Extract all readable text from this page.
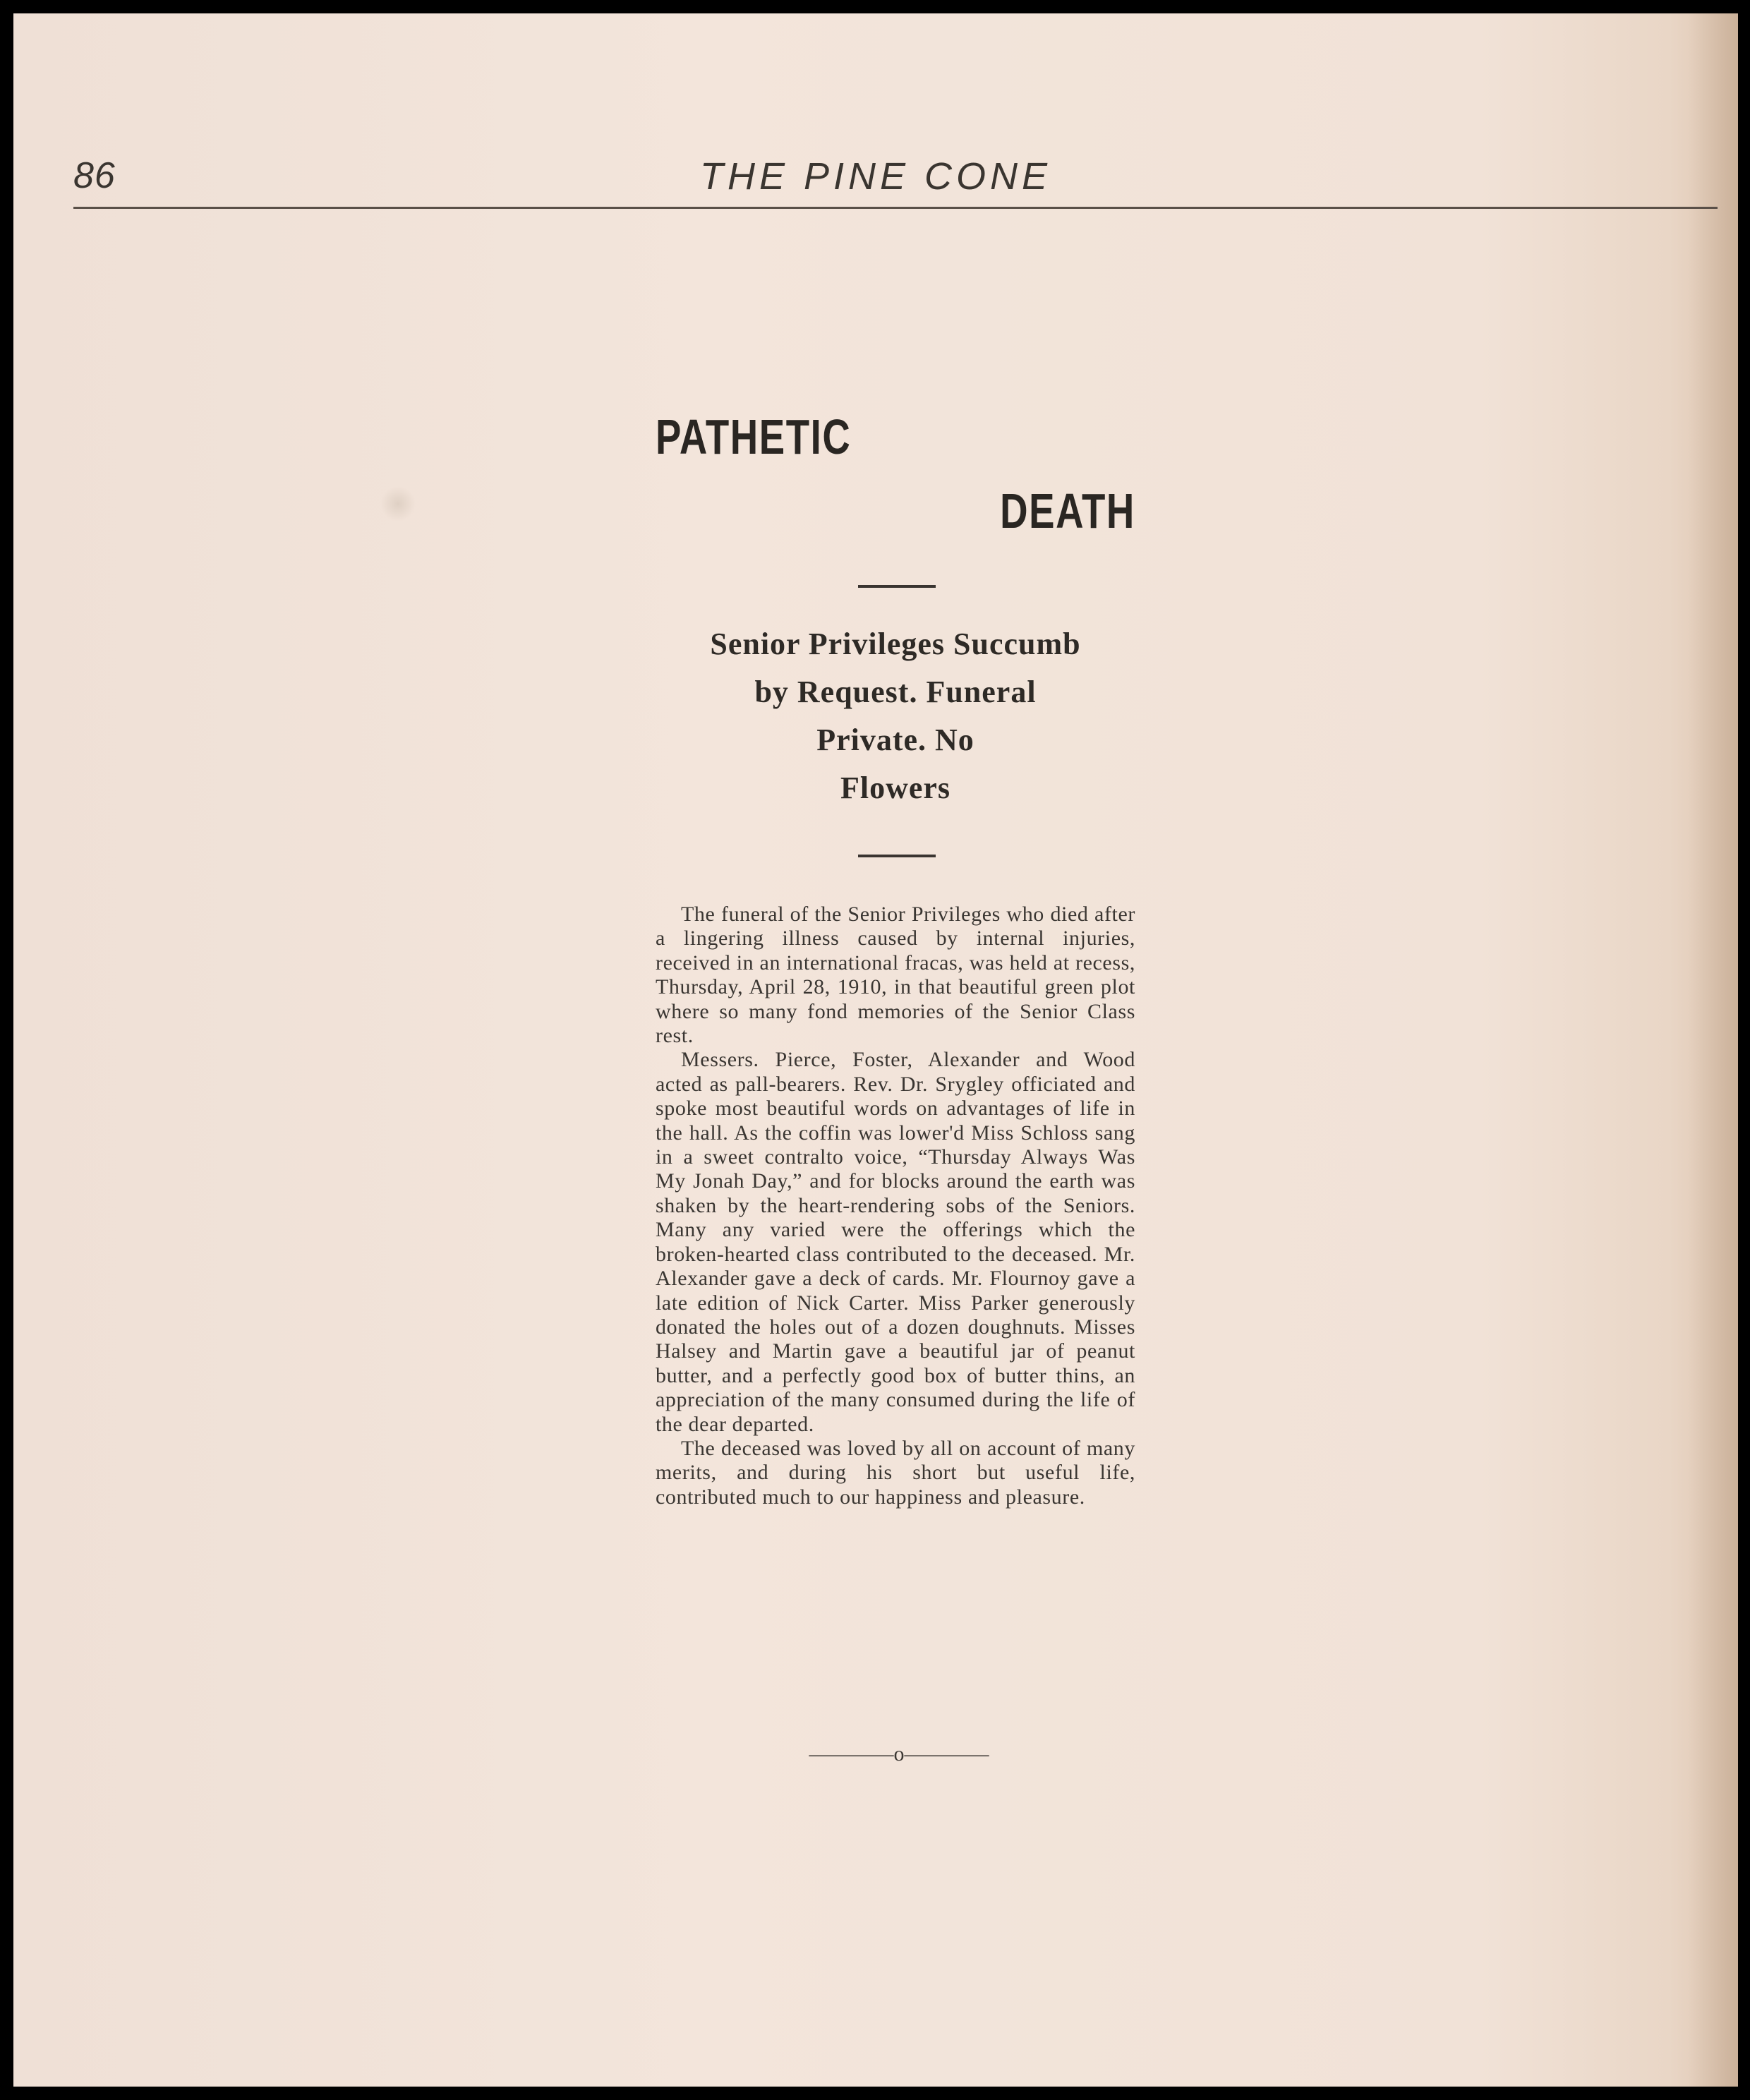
86	THE PINE CONE
PATHETIC
DEATH
Senior Privileges Succumb
by Request. Funeral
Private. No
Flowers

The funeral of the Senior Privileges who died after a lingering illness caused by internal injuries, received in an international fracas, was held at recess, Thursday, April 28, 1910, in that beautiful green plot where so many fond memories of the Senior Class rest.

Messers. Pierce, Foster, Alexander and Wood acted as pall-bearers. Rev. Dr. Srygley officiated and spoke most beautiful words on advantages of life in the hall. As the coffin was lower'd Miss Schloss sang in a sweet contralto voice, “Thursday Always Was My Jonah Day,” and for blocks around the earth was shaken by the heart-rendering sobs of the Seniors. Many any varied were the offerings which the broken-hearted class contributed to the deceased. Mr. Alexander gave a deck of cards. Mr. Flournoy gave a late edition of Nick Carter. Miss Parker generously donated the holes out of a dozen doughnuts. Misses Halsey and Martin gave a beautiful jar of peanut butter, and a perfectly good box of butter thins, an appreciation of the many consumed during the life of the dear departed.

The deceased was loved by all on account of many merits, and during his short but useful life, contributed much to our happiness and pleasure.

————o————
